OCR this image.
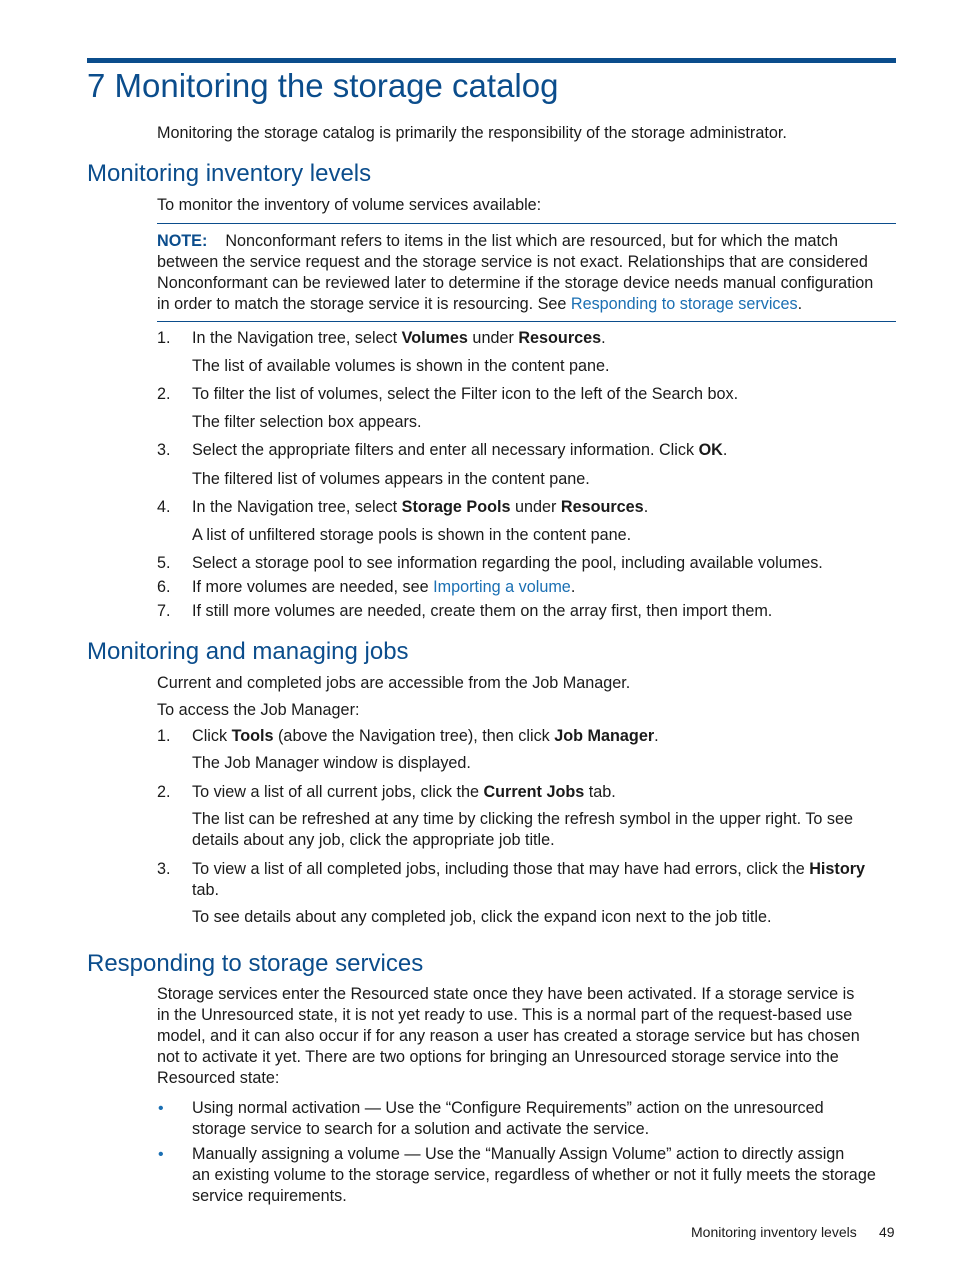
7 Monitoring the storage catalog

Monitoring the storage catalog is primarily the responsibility of the storage administrator.

Monitoring inventory levels

To monitor the inventory of volume services available:

NOTE: Nonconformant refers to items in the list which are resourced, but for which the match

between the service request and the storage service is not exact. Relationships that are considered

Nonconformant can be reviewed later to determine if the storage device needs manual configuration

in order to match the storage service it is resourcing. See Responding to storage services.

1. In the Navigation tree, select Volumes under Resources.

The list of available volumes is shown in the content pane.

2. To filter the list of volumes, select the Filter icon to the left of the Search box.

The filter selection box appears.

3. Select the appropriate filters and enter all necessary information. Click OK.

The filtered list of volumes appears in the content pane.

4. In the Navigation tree, select Storage Pools under Resources.

A list of unfiltered storage pools is shown in the content pane.

5. Select a storage pool to see information regarding the pool, including available volumes.

6. If more volumes are needed, see Importing a volume.

7. If still more volumes are needed, create them on the array first, then import them.

Monitoring and managing jobs

Current and completed jobs are accessible from the Job Manager.

To access the Job Manager:

1. Click Tools (above the Navigation tree), then click Job Manager.

The Job Manager window is displayed.

2. To view a list of all current jobs, click the Current Jobs tab.

The list can be refreshed at any time by clicking the refresh symbol in the upper right. To see

details about any job, click the appropriate job title.

3. To view a list of all completed jobs, including those that may have had errors, click the History

tab.

To see details about any completed job, click the expand icon next to the job title.

Responding to storage services

Storage services enter the Resourced state once they have been activated. If a storage service is

in the Unresourced state, it is not yet ready to use. This is a normal part of the request-based use

model, and it can also occur if for any reason a user has created a storage service but has chosen

not to activate it yet. There are two options for bringing an Unresourced storage service into the

Resourced state:

• Using normal activation — Use the “Configure Requirements” action on the unresourced

storage service to search for a solution and activate the service.

• Manually assigning a volume — Use the “Manually Assign Volume” action to directly assign

an existing volume to the storage service, regardless of whether or not it fully meets the storage

service requirements.

Monitoring inventory levels 49
